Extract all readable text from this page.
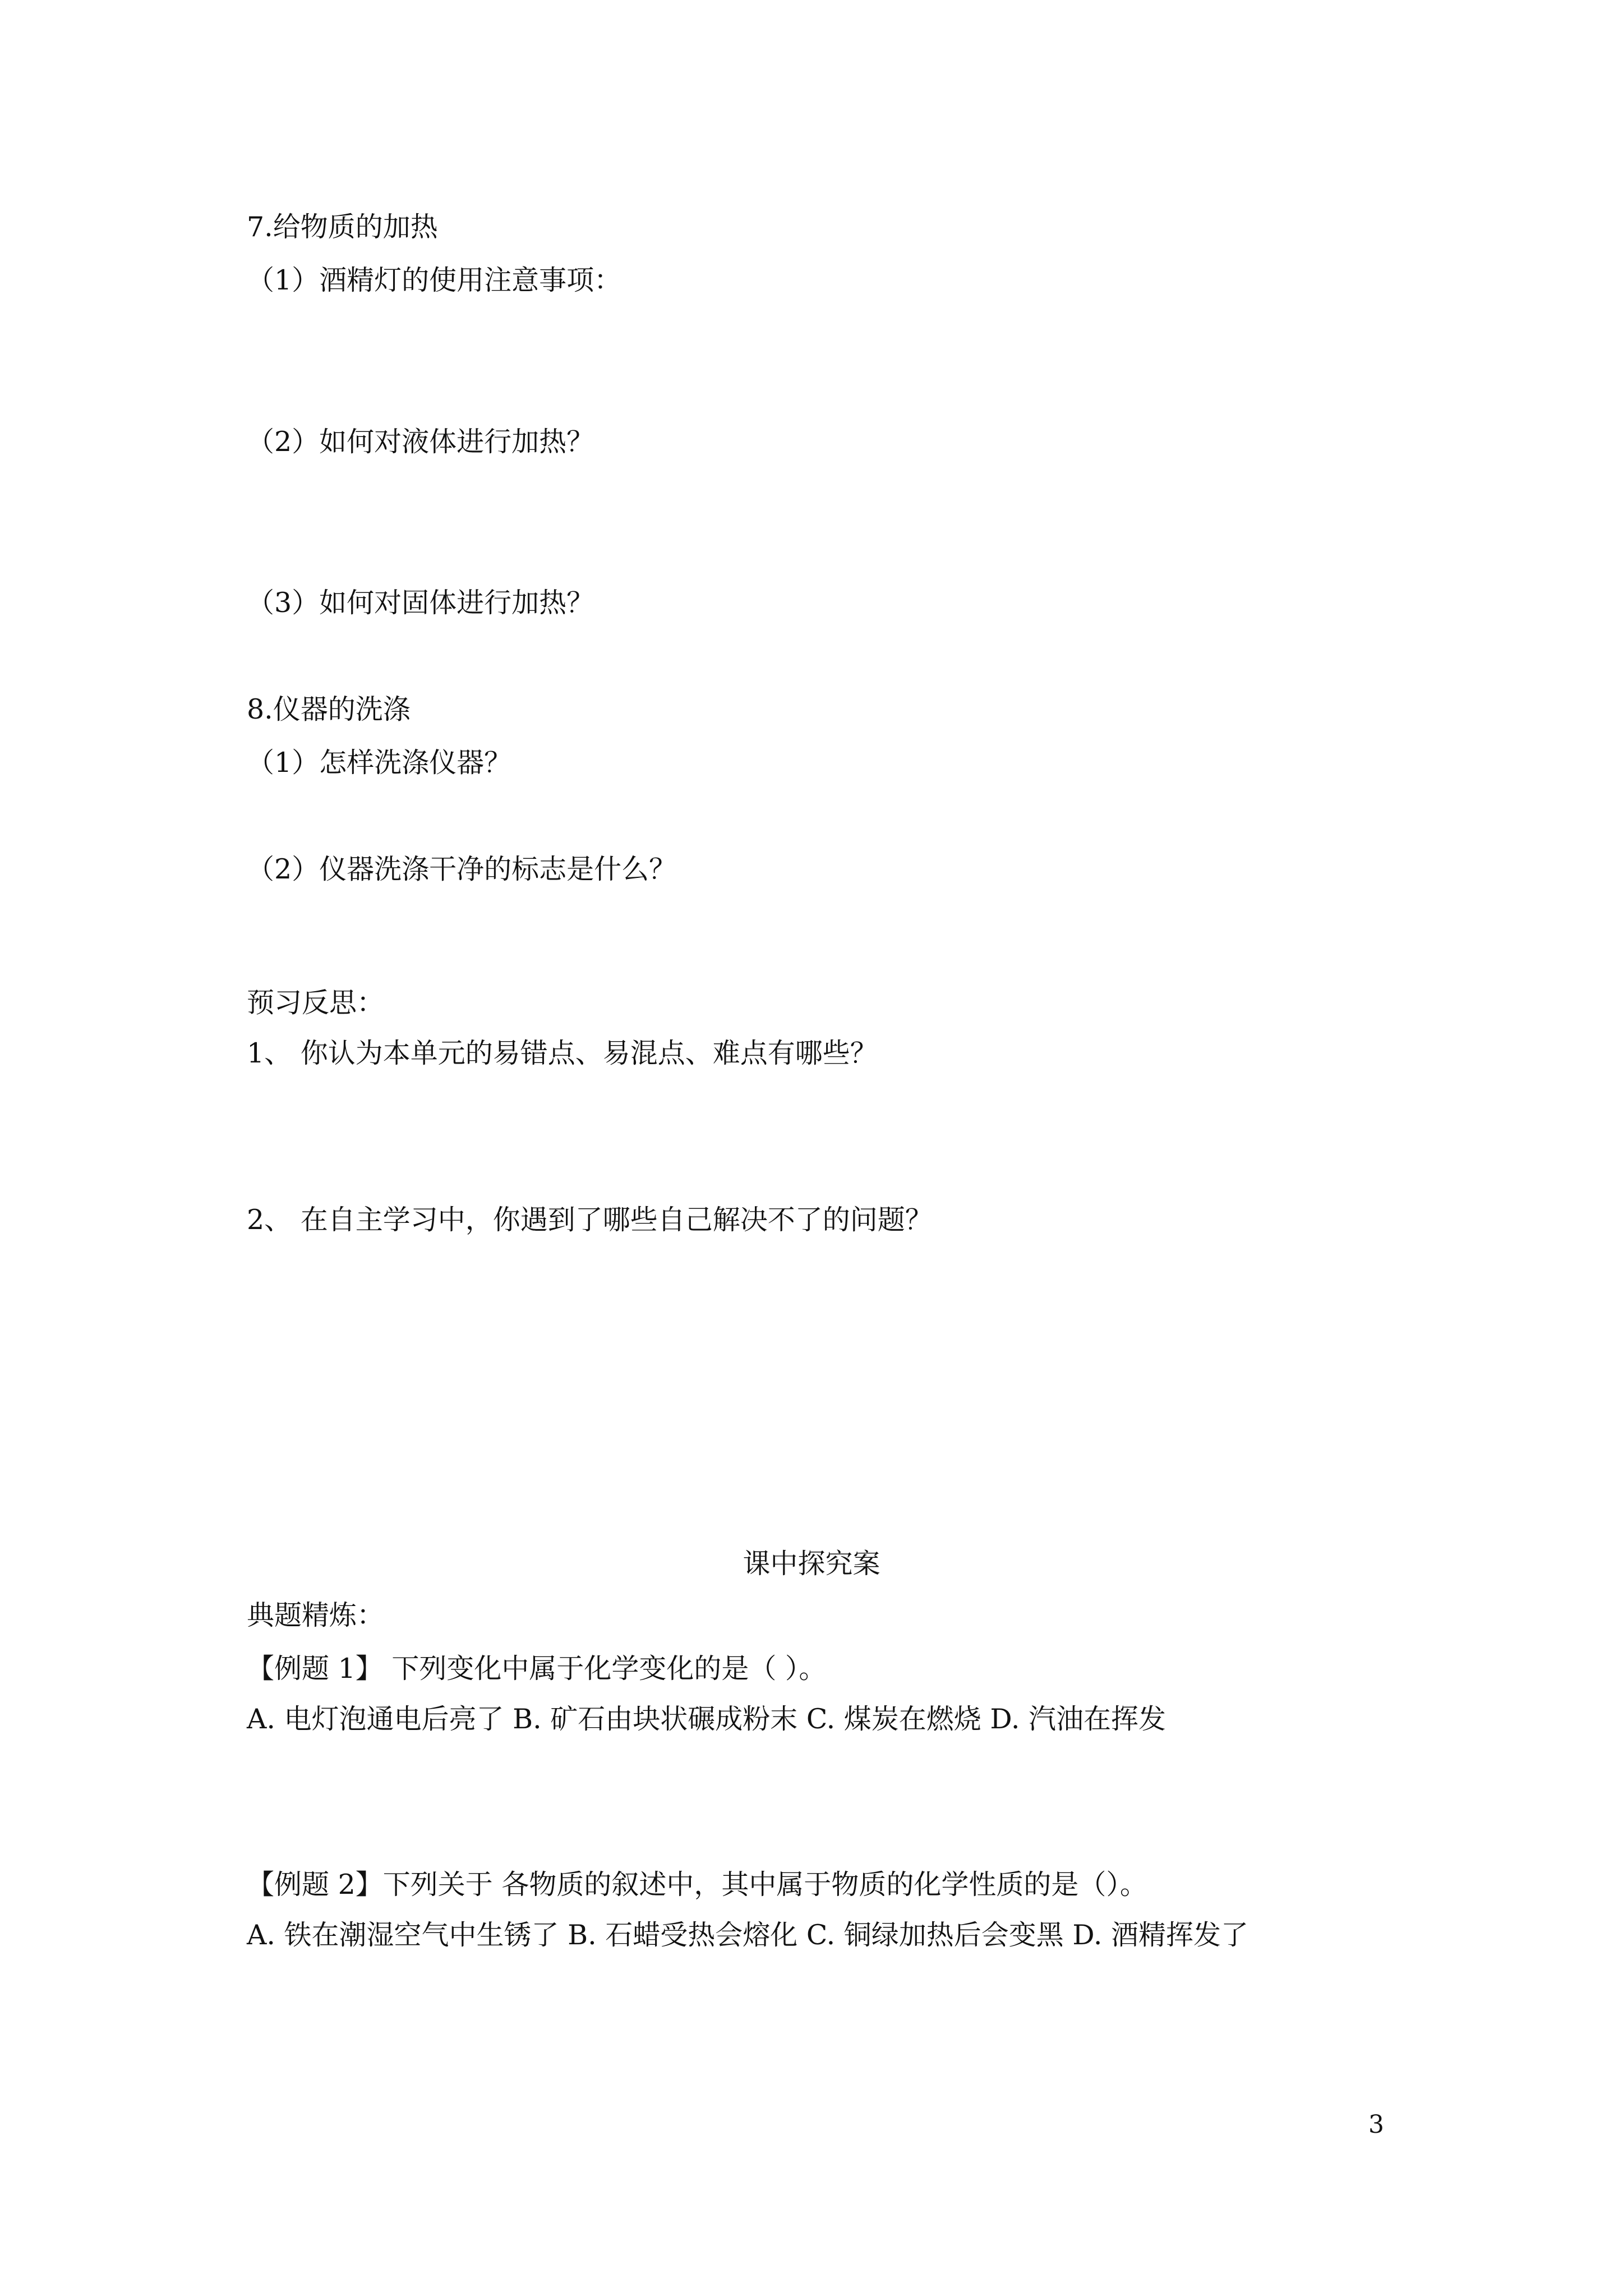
7.给物质的加热
（1）酒精灯的使用注意事项：
（2）如何对液体进行加热？
（3）如何对固体进行加热？
8.仪器的洗涤
（1）怎样洗涤仪器？
（2）仪器洗涤干净的标志是什么？
预习反思：
1、 你认为本单元的易错点、易混点、难点有哪些？
2、 在自主学习中，你遇到了哪些自己解决不了的问题？
课中探究案
典题精炼：
【例题 1】 下列变化中属于化学变化的是（ ）。
A. 电灯泡通电后亮了 B. 矿石由块状碾成粉末 C. 煤炭在燃烧 D. 汽油在挥发
【例题 2】下列关于 各物质的叙述中，其中属于物质的化学性质的是（）。
A. 铁在潮湿空气中生锈了 B. 石蜡受热会熔化 C. 铜绿加热后会变黑 D. 酒精挥发了
3
